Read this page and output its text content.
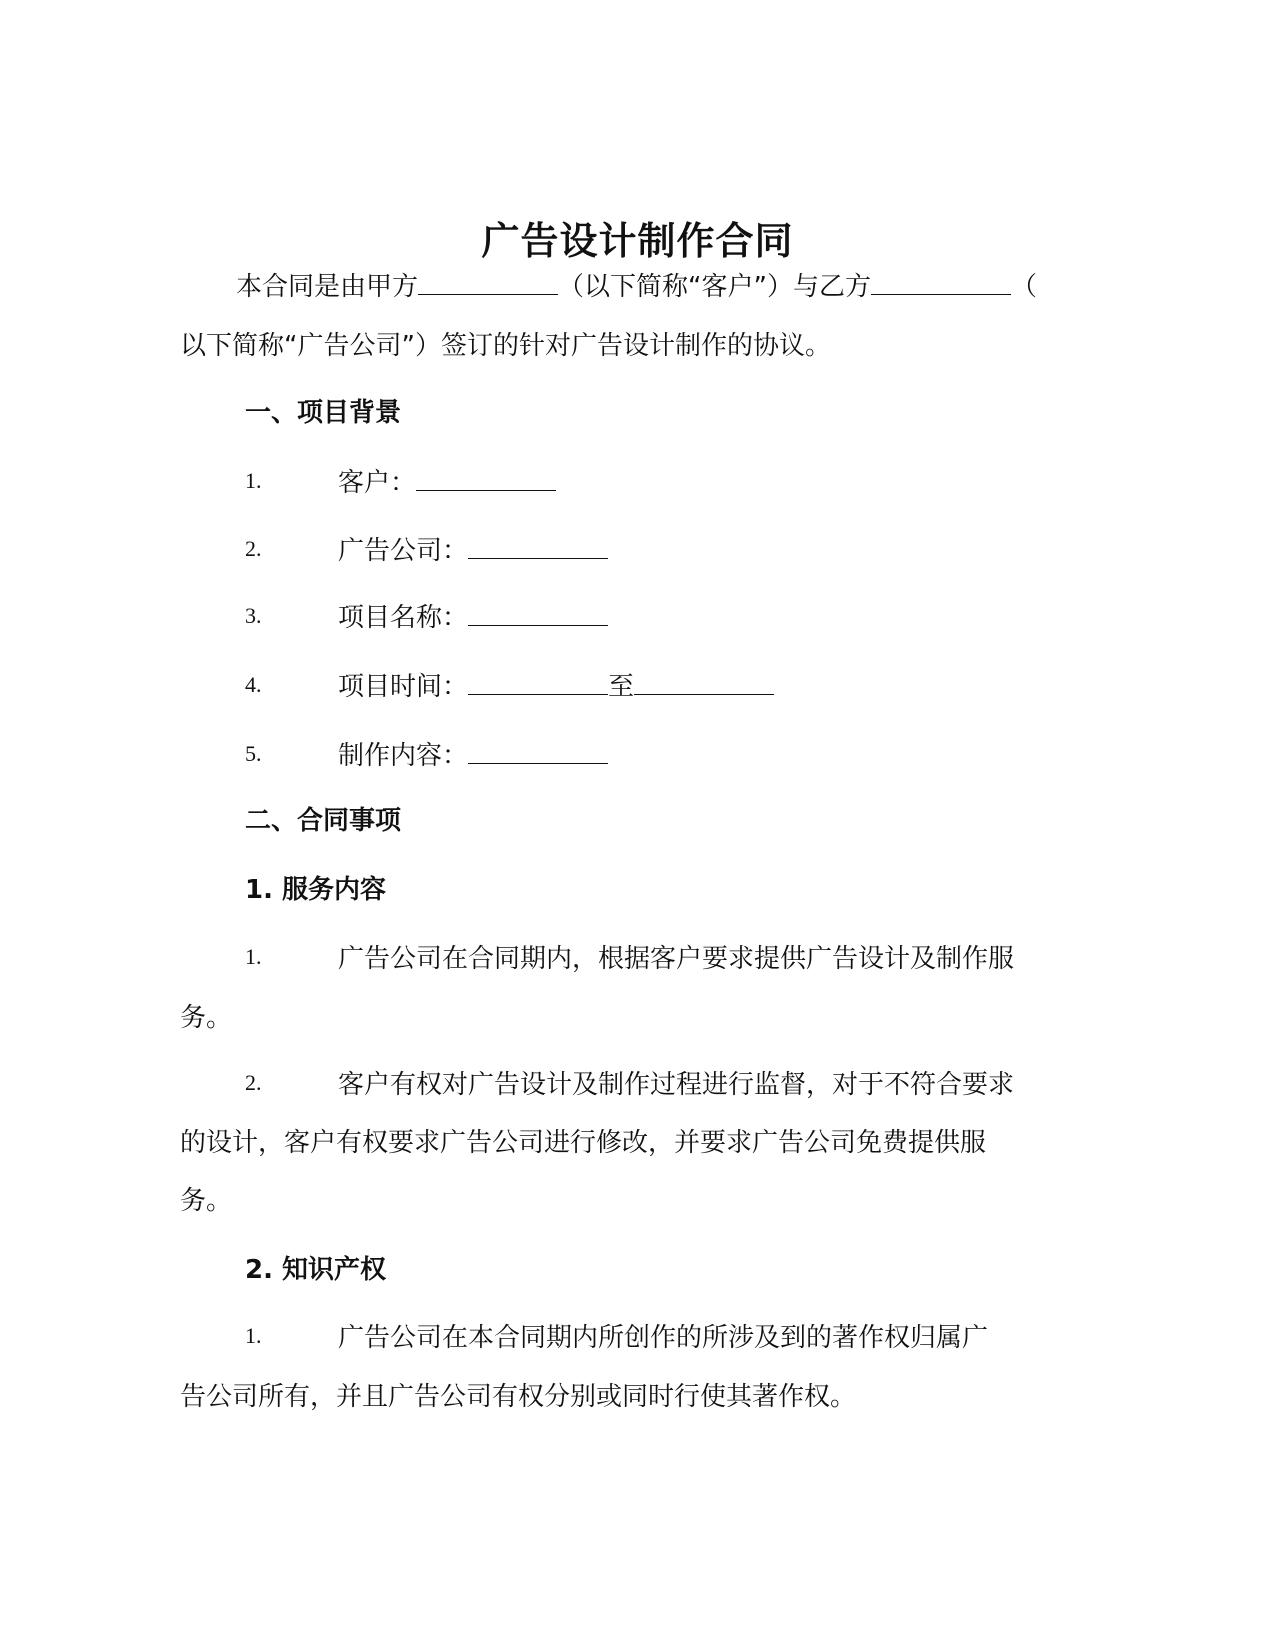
广告设计制作合同
本合同是由甲方	（以下简称“客户”）与乙方	（
以下简称“广告公司”）签订的针对广告设计制作的协议。
一、项目背景
1.	客户：
2.	广告公司：
3.	项目名称：
4.	项目时间：	至
5.	制作内容：
二、合同事项
1. 服务内容
1.	广告公司在合同期内，根据客户要求提供广告设计及制作服
务。
2.	客户有权对广告设计及制作过程进行监督，对于不符合要求
的设计，客户有权要求广告公司进行修改，并要求广告公司免费提供服
务。
2. 知识产权
1.	广告公司在本合同期内所创作的所涉及到的著作权归属广
告公司所有，并且广告公司有权分别或同时行使其著作权。
